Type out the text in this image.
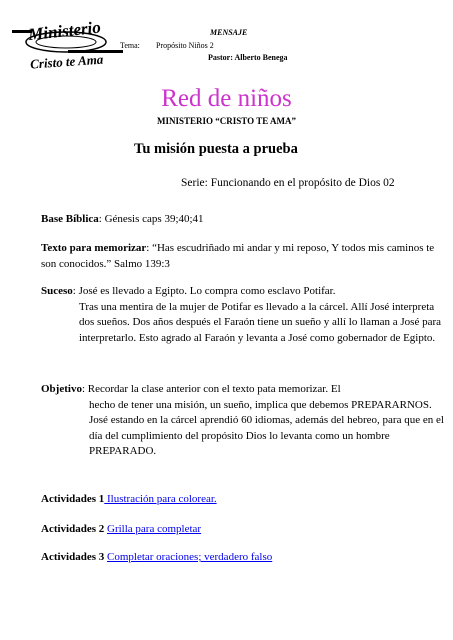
Ministerio
Cristo te Ama
MENSAJE
Tema: Propósito Niños 2
Pastor: Alberto Benega
Red de niños
MINISTERIO “CRISTO TE AMA”
Tu misión puesta a prueba
Serie: Funcionando en el propósito de Dios 02
Base Bíblica: Génesis caps 39;40;41
Texto para memorizar: “Has escudriñado mi andar y mi reposo, Y todos mis caminos te son conocidos.” Salmo 139:3
Suceso: José es llevado a Egipto. Lo compra como esclavo Potifar.
Tras una mentira de la mujer de Potifar es llevado a la cárcel. Allí José interpreta dos sueños. Dos años después el Faraón tiene un sueño y allí lo llaman a José para interpretarlo. Esto agrado al Faraón y levanta a José como gobernador de Egipto.
Objetivo: Recordar la clase anterior con el texto pata memorizar. El
hecho de tener una misión, un sueño, implica que debemos PREPARARNOS. José estando en la cárcel aprendió 60 idiomas, además del hebreo, para que en el día del cumplimiento del propósito Dios lo levanta como un hombre PREPARADO.
Actividades 1 Ilustración para colorear.
Actividades 2 Grilla para completar
Actividades 3 Completar oraciones; verdadero falso
